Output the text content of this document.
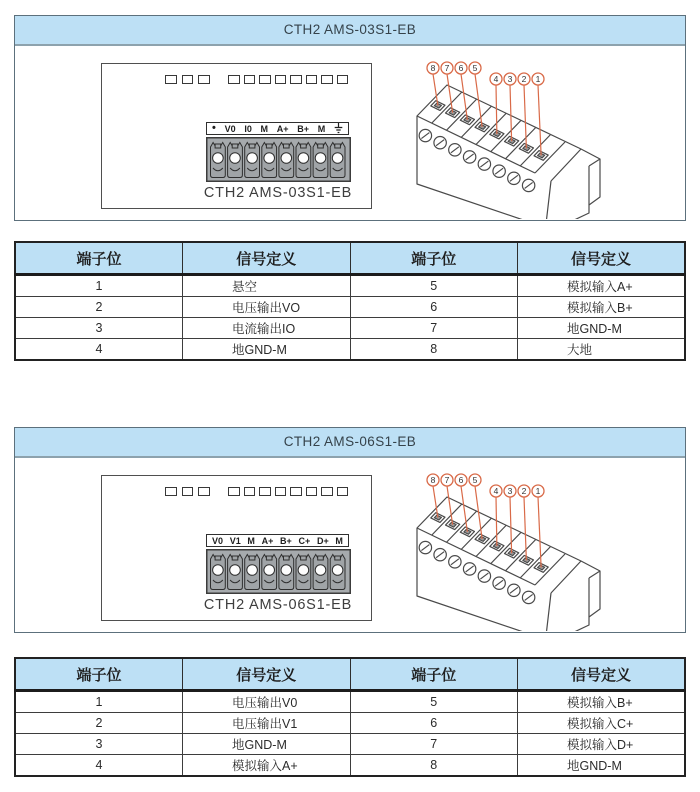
CTH2 AMS-03S1-EB
• V0 I0 M A+ B+ M
CTH2 AMS-03S1-EB
8 7 6 5
4 3 2 1
端子位	信号定义	端子位	信号定义
1	悬空	5	模拟输入A+
2	电压输出VO	6	模拟输入B+
3	电流输出IO	7	地GND-M
4	地GND-M	8	大地
CTH2 AMS-06S1-EB
V0 V1 M A+ B+ C+ D+ M
CTH2 AMS-06S1-EB
8 7 6 5
4 3 2 1
端子位	信号定义	端子位	信号定义
1	电压输出V0	5	模拟输入B+
2	电压输出V1	6	模拟输入C+
3	地GND-M	7	模拟输入D+
4	模拟输入A+	8	地GND-M
